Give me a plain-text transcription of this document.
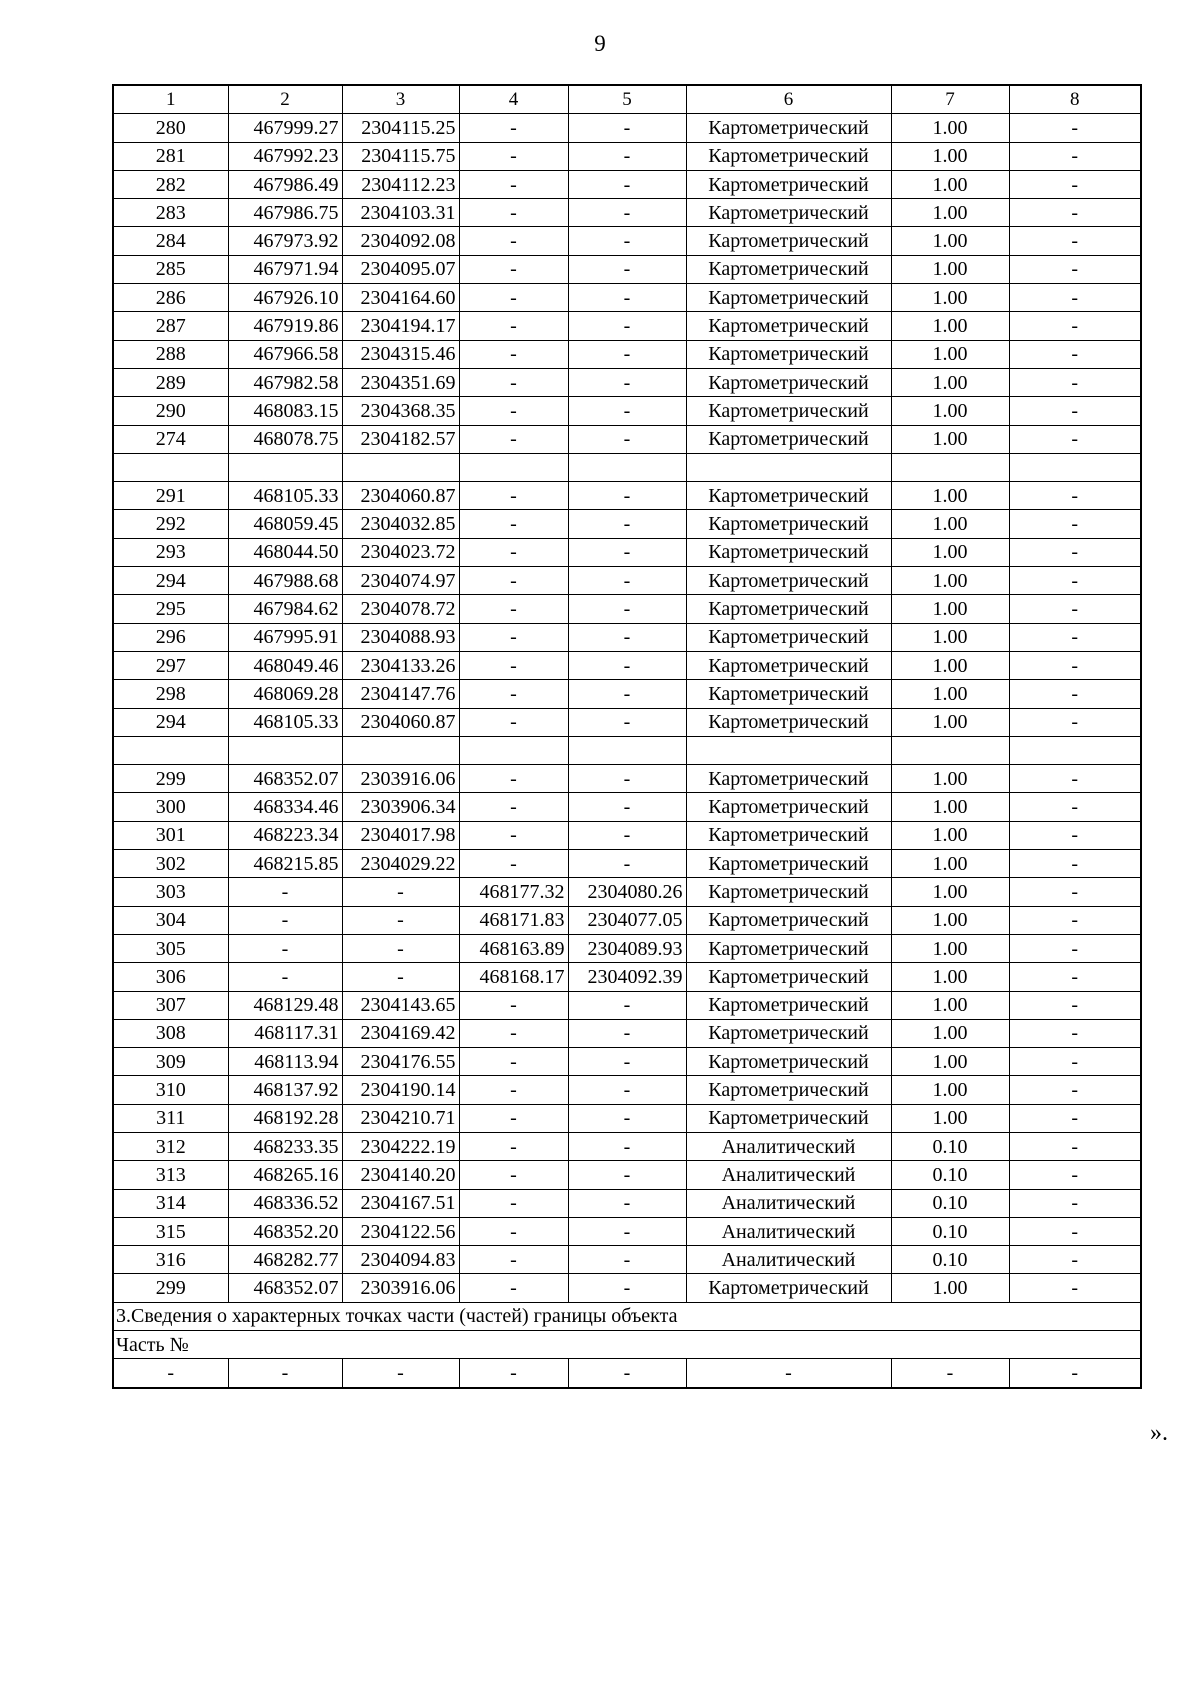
9
1	2	3	4	5	6	7	8
280	467999.27	2304115.25	-	-	Картометрический	1.00	-
281	467992.23	2304115.75	-	-	Картометрический	1.00	-
282	467986.49	2304112.23	-	-	Картометрический	1.00	-
283	467986.75	2304103.31	-	-	Картометрический	1.00	-
284	467973.92	2304092.08	-	-	Картометрический	1.00	-
285	467971.94	2304095.07	-	-	Картометрический	1.00	-
286	467926.10	2304164.60	-	-	Картометрический	1.00	-
287	467919.86	2304194.17	-	-	Картометрический	1.00	-
288	467966.58	2304315.46	-	-	Картометрический	1.00	-
289	467982.58	2304351.69	-	-	Картометрический	1.00	-
290	468083.15	2304368.35	-	-	Картометрический	1.00	-
274	468078.75	2304182.57	-	-	Картометрический	1.00	-

291	468105.33	2304060.87	-	-	Картометрический	1.00	-
292	468059.45	2304032.85	-	-	Картометрический	1.00	-
293	468044.50	2304023.72	-	-	Картометрический	1.00	-
294	467988.68	2304074.97	-	-	Картометрический	1.00	-
295	467984.62	2304078.72	-	-	Картометрический	1.00	-
296	467995.91	2304088.93	-	-	Картометрический	1.00	-
297	468049.46	2304133.26	-	-	Картометрический	1.00	-
298	468069.28	2304147.76	-	-	Картометрический	1.00	-
294	468105.33	2304060.87	-	-	Картометрический	1.00	-

299	468352.07	2303916.06	-	-	Картометрический	1.00	-
300	468334.46	2303906.34	-	-	Картометрический	1.00	-
301	468223.34	2304017.98	-	-	Картометрический	1.00	-
302	468215.85	2304029.22	-	-	Картометрический	1.00	-
303	-	-	468177.32	2304080.26	Картометрический	1.00	-
304	-	-	468171.83	2304077.05	Картометрический	1.00	-
305	-	-	468163.89	2304089.93	Картометрический	1.00	-
306	-	-	468168.17	2304092.39	Картометрический	1.00	-
307	468129.48	2304143.65	-	-	Картометрический	1.00	-
308	468117.31	2304169.42	-	-	Картометрический	1.00	-
309	468113.94	2304176.55	-	-	Картометрический	1.00	-
310	468137.92	2304190.14	-	-	Картометрический	1.00	-
311	468192.28	2304210.71	-	-	Картометрический	1.00	-
312	468233.35	2304222.19	-	-	Аналитический	0.10	-
313	468265.16	2304140.20	-	-	Аналитический	0.10	-
314	468336.52	2304167.51	-	-	Аналитический	0.10	-
315	468352.20	2304122.56	-	-	Аналитический	0.10	-
316	468282.77	2304094.83	-	-	Аналитический	0.10	-
299	468352.07	2303916.06	-	-	Картометрический	1.00	-
3.Сведения о характерных точках части (частей) границы объекта							
Часть №							
-	-	-	-	-	-	-	-
».
